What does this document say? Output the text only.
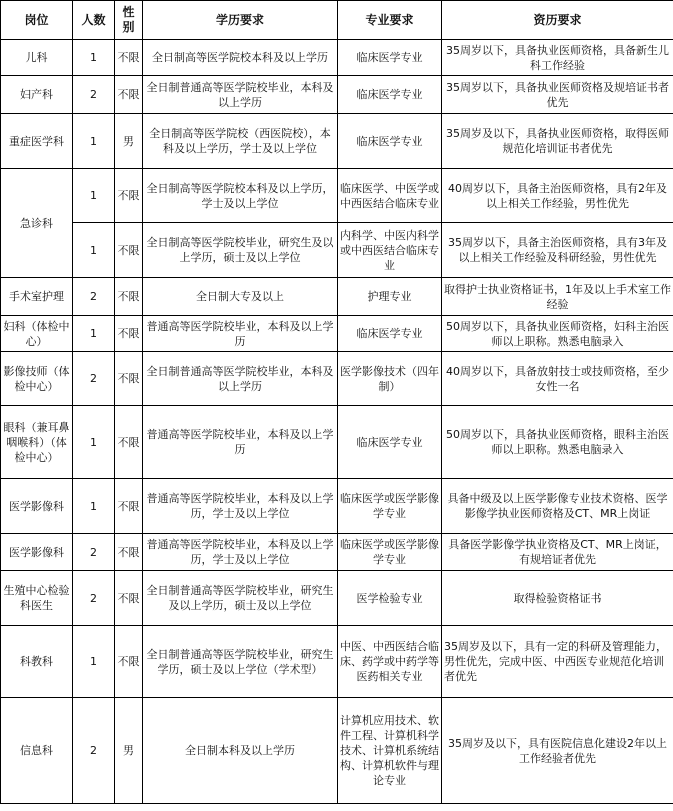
岗位	人数	性别	学历要求	专业要求	资历要求
儿科	1	不限	全日制高等医学院校本科及以上学历	临床医学专业	35周岁以下，具备执业医师资格，具备新生儿科工作经验
妇产科	2	不限	全日制普通高等医学院校毕业，本科及以上学历	临床医学专业	35周岁以下，具备执业医师资格及规培证书者优先
重症医学科	1	男	全日制高等医学院校（西医院校），本科及以上学历，学士及以上学位	临床医学专业	35周岁及以下，具备执业医师资格，取得医师规范化培训证书者优先
急诊科	1	不限	全日制高等医学院校本科及以上学历，学士及以上学位	临床医学、中医学或中西医结合临床专业	40周岁以下，具备主治医师资格，具有2年及以上相关工作经验，男性优先
	1	不限	全日制高等医学院校毕业，研究生及以上学历，硕士及以上学位	内科学、中医内科学或中西医结合临床专业	35周岁以下，具备主治医师资格，具有3年及以上相关工作经验及科研经验，男性优先
手术室护理	2	不限	全日制大专及以上	护理专业	取得护士执业资格证书，1年及以上手术室工作经验
妇科（体检中心）	1	不限	普通高等医学院校毕业，本科及以上学历	临床医学专业	50周岁以下，具备执业医师资格，妇科主治医师以上职称。熟悉电脑录入
影像技师（体检中心）	2	不限	全日制普通高等医学院校毕业，本科及以上学历	医学影像技术（四年制）	40周岁以下，具备放射技士或技师资格，至少女性一名
眼科（兼耳鼻咽喉科）（体检中心）	1	不限	普通高等医学院校毕业，本科及以上学历	临床医学专业	50周岁以下，具备执业医师资格，眼科主治医师以上职称。熟悉电脑录入
医学影像科	1	不限	普通高等医学院校毕业，本科及以上学历，学士及以上学位	临床医学或医学影像学专业	具备中级及以上医学影像专业技术资格、医学影像学执业医师资格及CT、MR上岗证
医学影像科	2	不限	普通高等医学院校毕业，本科及以上学历，学士及以上学位	临床医学或医学影像学专业	具备医学影像学执业资格及CT、MR上岗证，有规培证者优先
生殖中心检验科医生	2	不限	全日制普通高等医学院校毕业，研究生及以上学历，硕士及以上学位	医学检验专业	取得检验资格证书
科教科	1	不限	全日制普通高等医学院校毕业，研究生学历，硕士及以上学位（学术型）	中医、中西医结合临床、药学或中药学等医药相关专业	35周岁及以下，具有一定的科研及管理能力，男性优先，完成中医、中西医专业规范化培训者优先
信息科	2	男	全日制本科及以上学历	计算机应用技术、软件工程、计算机科学技术、计算机系统结构、计算机软件与理论专业	35周岁及以下，具有医院信息化建设2年以上工作经验者优先
